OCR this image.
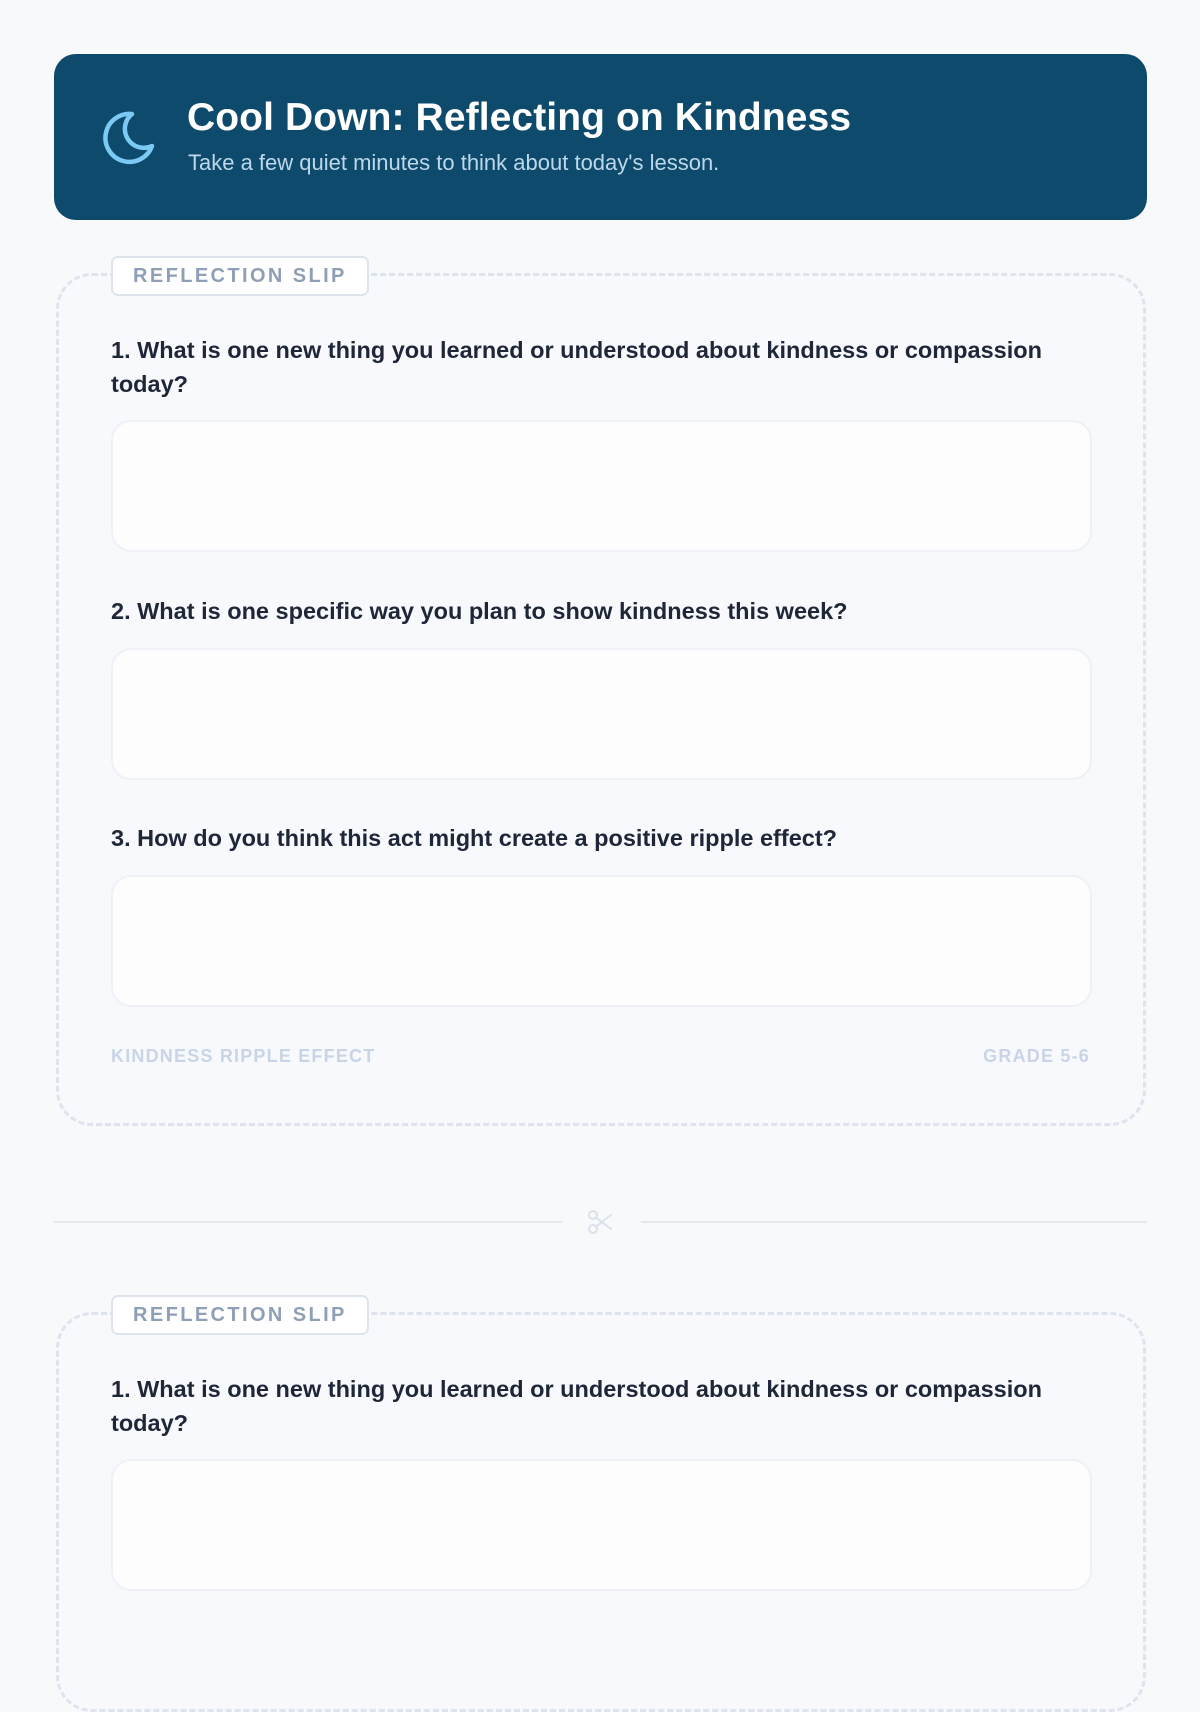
Cool Down: Reflecting on Kindness
Take a few quiet minutes to think about today's lesson.
REFLECTION SLIP
1. What is one new thing you learned or understood about kindness or compassion today?
2. What is one specific way you plan to show kindness this week?
3. How do you think this act might create a positive ripple effect?
KINDNESS RIPPLE EFFECT	GRADE 5-6
REFLECTION SLIP
1. What is one new thing you learned or understood about kindness or compassion today?
